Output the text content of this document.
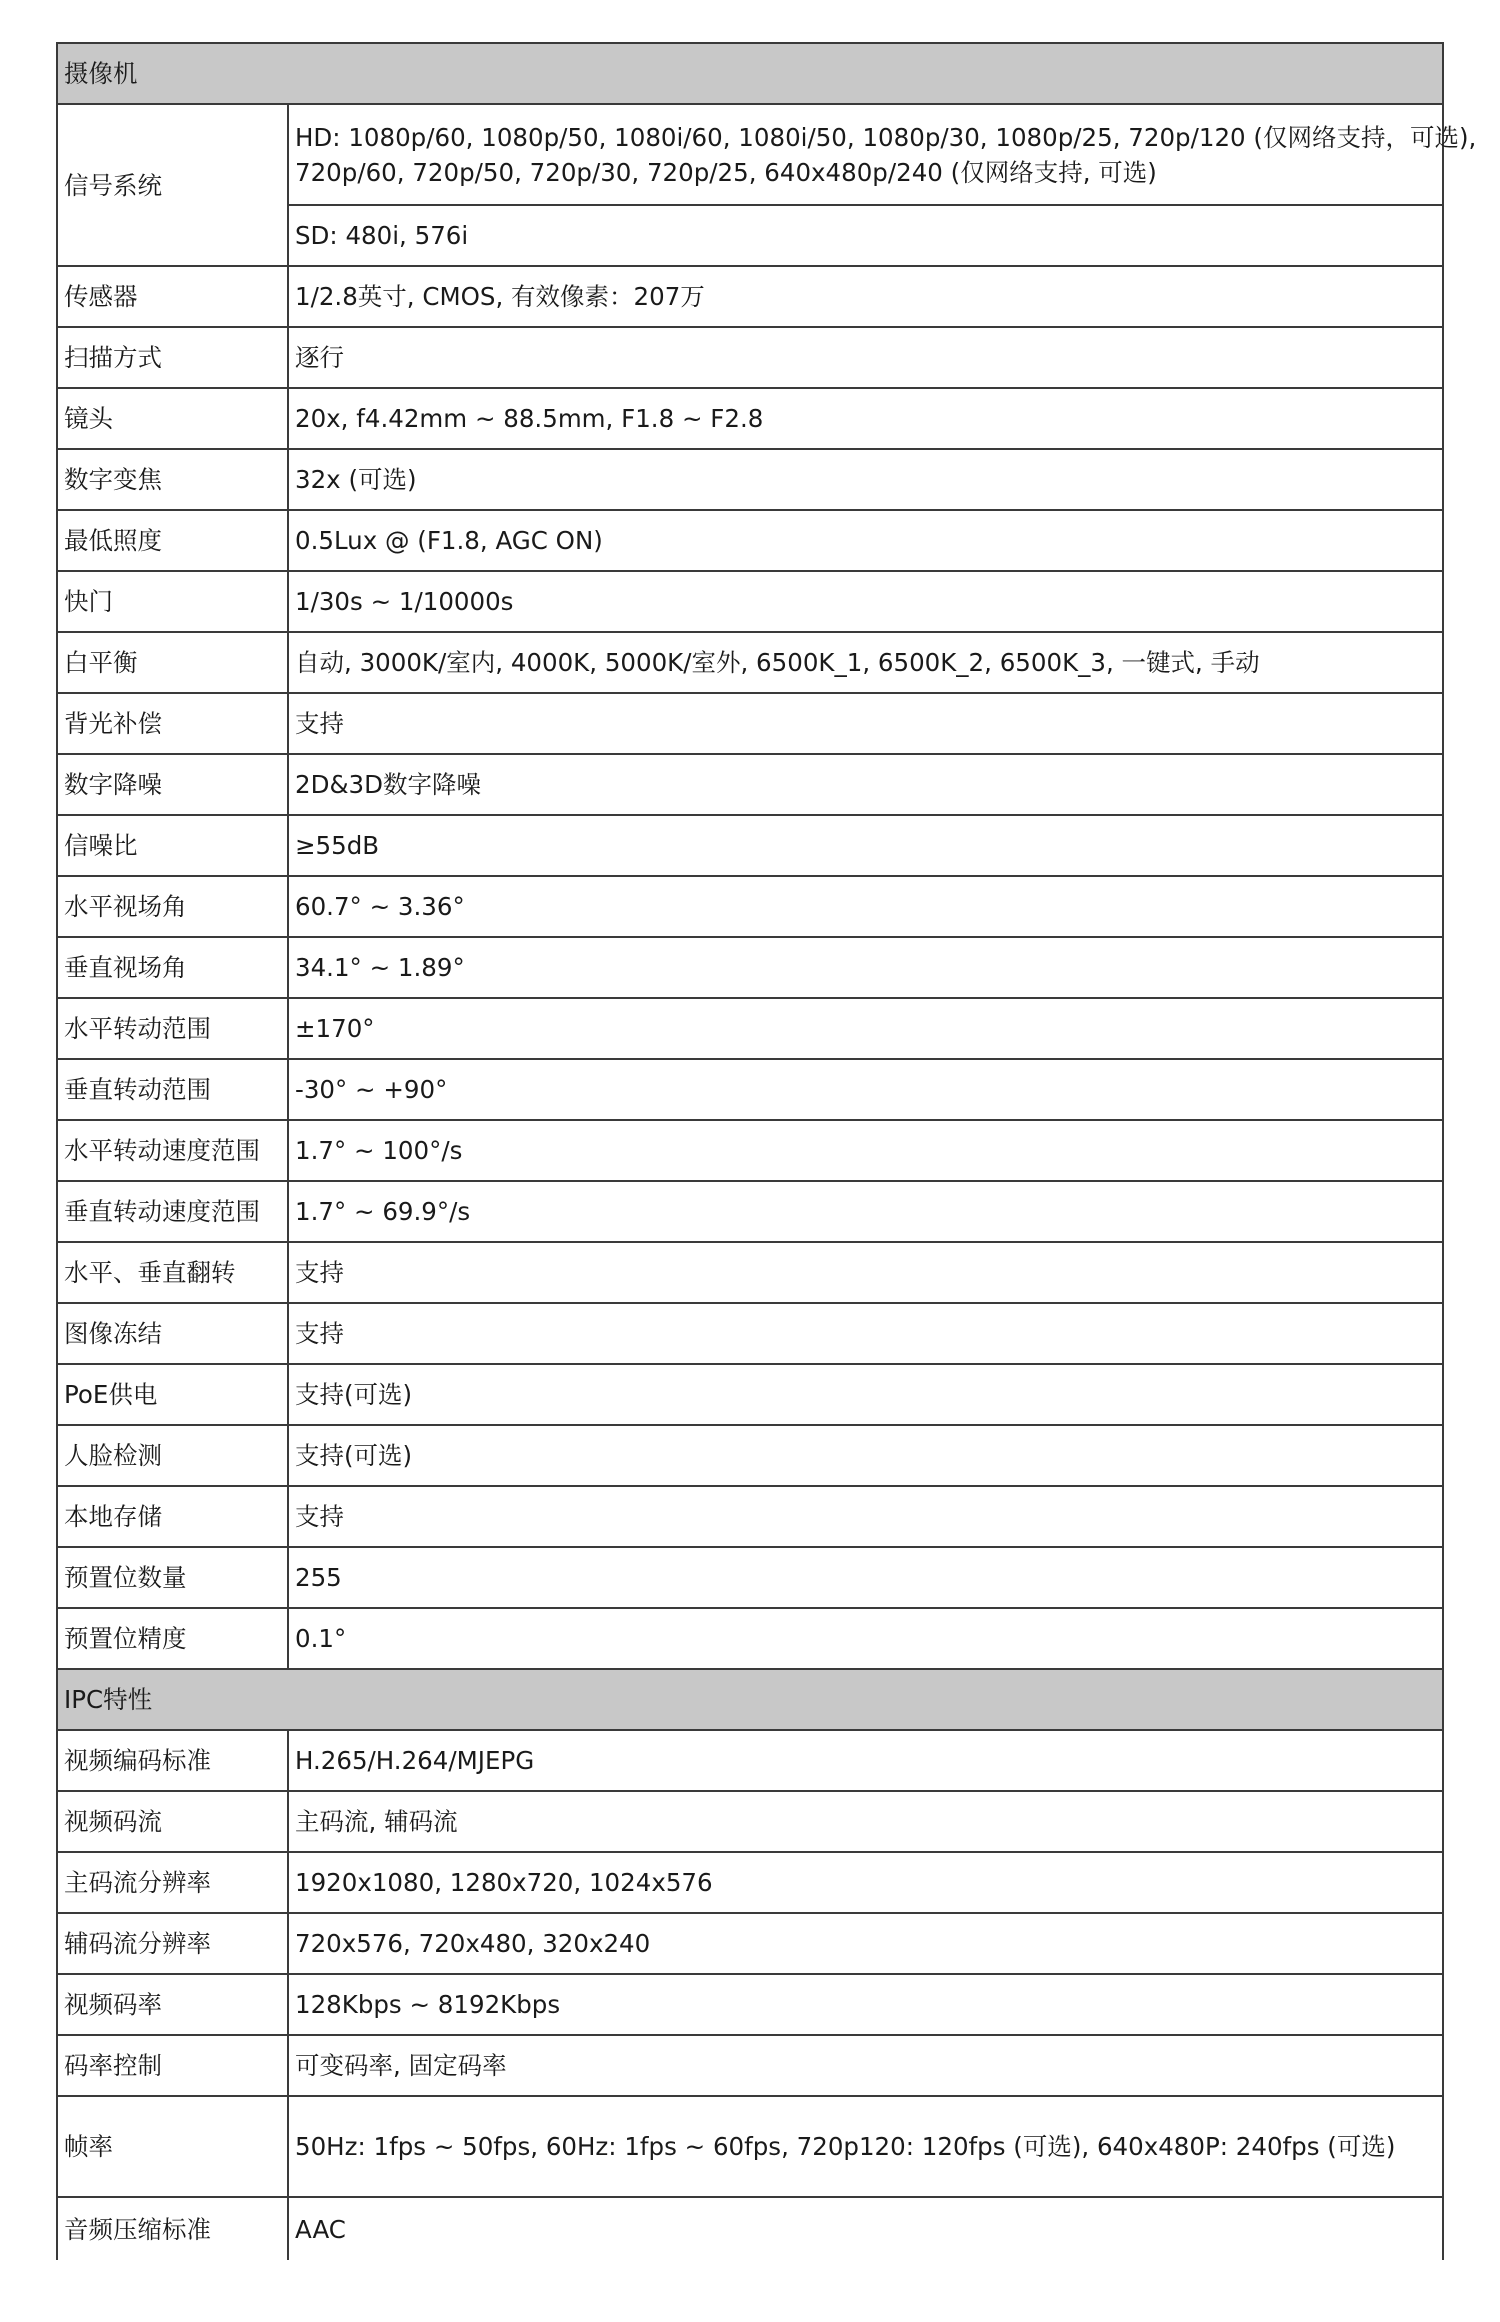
摄像机	
信号系统	HD: 1080p/60, 1080p/50, 1080i/60, 1080i/50, 1080p/30, 1080p/25, 720p/120 (仅网络支持，可选),
720p/60, 720p/50, 720p/30, 720p/25, 640x480p/240 (仅网络支持, 可选)

	SD: 480i, 576i
传感器	1/2.8英寸, CMOS, 有效像素：207万
扫描方式	逐行
镜头	20x, f4.42mm ~ 88.5mm, F1.8 ~ F2.8
数字变焦	32x (可选)
最低照度	0.5Lux @ (F1.8, AGC ON)
快门	1/30s ~ 1/10000s
白平衡	自动, 3000K/室内, 4000K, 5000K/室外, 6500K_1, 6500K_2, 6500K_3, 一键式, 手动
背光补偿	支持
数字降噪	2D&3D数字降噪
信噪比	≥55dB
水平视场角	60.7° ~ 3.36°
垂直视场角	34.1° ~ 1.89°
水平转动范围	±170°
垂直转动范围	-30° ~ +90°
水平转动速度范围	1.7° ~ 100°/s
垂直转动速度范围	1.7° ~ 69.9°/s
水平、垂直翻转	支持
图像冻结	支持
PoE供电	支持(可选)
人脸检测	支持(可选)
本地存储	支持
预置位数量	255
预置位精度	0.1°
IPC特性	
视频编码标准	H.265/H.264/MJEPG
视频码流	主码流, 辅码流
主码流分辨率	1920x1080, 1280x720, 1024x576
辅码流分辨率	720x576, 720x480, 320x240
视频码率	128Kbps ~ 8192Kbps
码率控制	可变码率, 固定码率
帧率	50Hz: 1fps ~ 50fps, 60Hz: 1fps ~ 60fps, 720p120: 120fps (可选), 640x480P: 240fps (可选)
音频压缩标准	AAC
